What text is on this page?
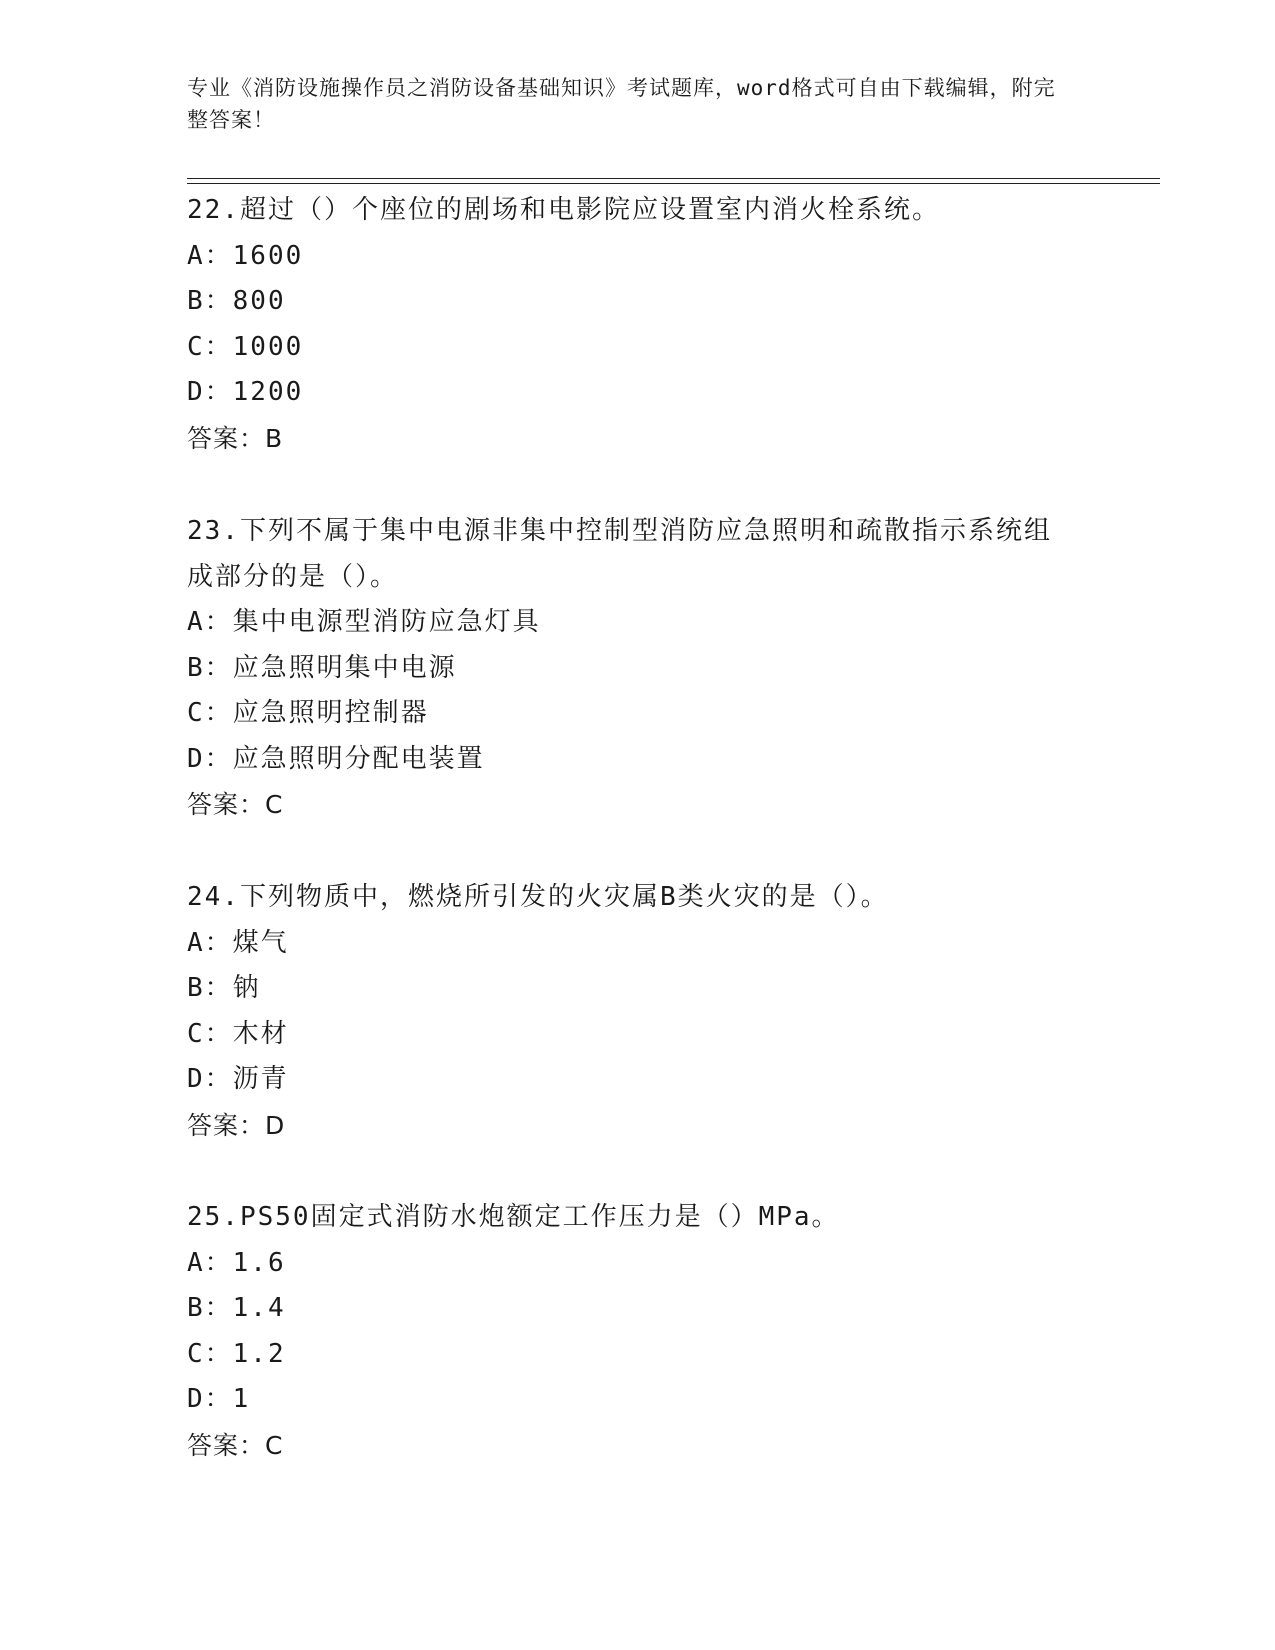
专业《消防设施操作员之消防设备基础知识》考试题库，word格式可自由下载编辑，附完整答案！
22.超过（）个座位的剧场和电影院应设置室内消火栓系统。
A：1600
B：800
C：1000
D：1200
答案：B
23.下列不属于集中电源非集中控制型消防应急照明和疏散指示系统组
成部分的是（）。
A：集中电源型消防应急灯具
B：应急照明集中电源
C：应急照明控制器
D：应急照明分配电装置
答案：C
24.下列物质中，燃烧所引发的火灾属B类火灾的是（）。
A：煤气
B：钠
C：木材
D：沥青
答案：D
25.PS50固定式消防水炮额定工作压力是（）MPa。
A：1.6
B：1.4
C：1.2
D：1
答案：C
